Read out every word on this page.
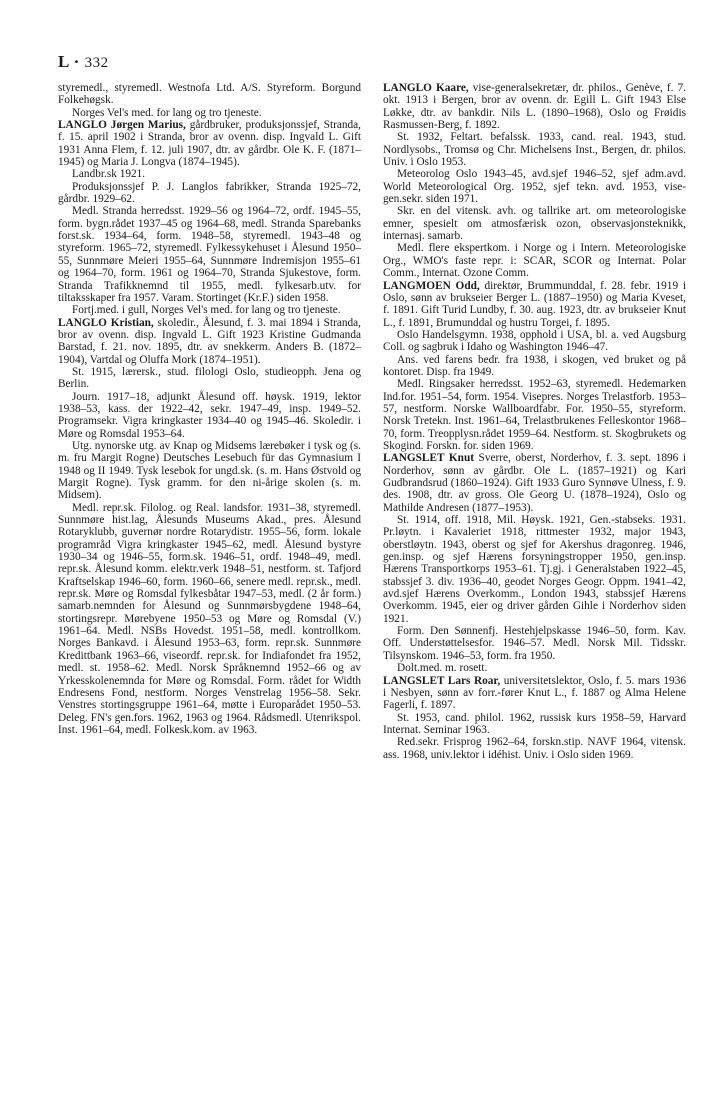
L · 332

styremedl., styremedl. Westnofa Ltd. A/S. Styreform. Borgund Folkehøgsk.

Norges Vel's med. for lang og tro tjeneste.

LANGLO Jørgen Marius, gårdbruker, produksjonssjef, Stranda, f. 15. april 1902 i Stranda, bror av ovenn. disp. Ingvald L. Gift 1931 Anna Flem, f. 12. juli 1907, dtr. av gårdbr. Ole K. F. (1871–1945) og Maria J. Longva (1874–1945).

Landbr.sk 1921.

Produksjonssjef P. J. Langlos fabrikker, Stranda 1925–72, gårdbr. 1929–62.

Medl. Stranda herredsst. 1929–56 og 1964–72, ordf. 1945–55, form. bygn.rådet 1937–45 og 1964–68, medl. Stranda Sparebanks forst.sk. 1934–64, form. 1948–58, styremedl. 1943–48 og styreform. 1965–72, styremedl. Fylkessykehuset i Ålesund 1950–55, Sunnmøre Meieri 1955–64, Sunnmøre Indremisjon 1955–61 og 1964–70, form. 1961 og 1964–70, Stranda Sjukestove, form. Stranda Trafikknemnd til 1955, medl. fylkesarb.utv. for tiltaksskaper fra 1957. Varam. Stortinget (Kr.F.) siden 1958.

Fortj.med. i gull, Norges Vel's med. for lang og tro tjeneste.

LANGLO Kristian, skoledir., Ålesund, f. 3. mai 1894 i Stranda, bror av ovenn. disp. Ingvald L. Gift 1923 Kristine Gudmanda Barstad, f. 21. nov. 1895, dtr. av snekkerm. Anders B. (1872–1904), Vartdal og Oluffa Mork (1874–1951).

St. 1915, lærersk., stud. filologi Oslo, studieopph. Jena og Berlin.

Journ. 1917–18, adjunkt Ålesund off. høysk. 1919, lektor 1938–53, kass. der 1922–42, sekr. 1947–49, insp. 1949–52. Programsekr. Vigra kringkaster 1934–40 og 1945–46. Skoledir. i Møre og Romsdal 1953–64.

Utg. nynorske utg. av Knap og Midsems lærebøker i tysk og (s. m. fru Margit Rogne) Deutsches Lesebuch für das Gymnasium I 1948 og II 1949. Tysk lesebok for ungd.sk. (s. m. Hans Østvold og Margit Rogne). Tysk gramm. for den ni-årige skolen (s. m. Midsem).

Medl. repr.sk. Filolog. og Real. landsfor. 1931–38, styremedl. Sunnmøre hist.lag, Ålesunds Museums Akad., pres. Ålesund Rotaryklubb, guvernør nordre Rotarydistr. 1955–56, form. lokale programråd Vigra kringkaster 1945–62, medl. Ålesund bystyre 1930–34 og 1946–55, form.sk. 1946–51, ordf. 1948–49, medl. repr.sk. Ålesund komm. elektr.verk 1948–51, nestform. st. Tafjord Kraftselskap 1946–60, form. 1960–66, senere medl. repr.sk., medl. repr.sk. Møre og Romsdal fylkesbåtar 1947–53, medl. (2 år form.) samarb.nemnden for Ålesund og Sunnmørsbygdene 1948–64, stortingsrepr. Mørebyene 1950–53 og Møre og Romsdal (V.) 1961–64. Medl. NSBs Hovedst. 1951–58, medl. kontrollkom. Norges Bankavd. i Ålesund 1953–63, form. repr.sk. Sunnmøre Kredittbank 1963–66, viseordf. repr.sk. for Indiafondet fra 1952, medl. st. 1958–62. Medl. Norsk Språknemnd 1952–66 og av Yrkesskolenemnda for Møre og Romsdal. Form. rådet for Width Endresens Fond, nestform. Norges Venstrelag 1956–58. Sekr. Venstres stortingsgruppe 1961–64, møtte i Europarådet 1950–53. Deleg. FN's gen.fors. 1962, 1963 og 1964. Rådsmedl. Utenrikspol. Inst. 1961–64, medl. Folkesk.kom. av 1963.

LANGLO Kaare, vise-generalsekretær, dr. philos., Genève, f. 7. okt. 1913 i Bergen, bror av ovenn. dr. Egill L. Gift 1943 Else Løkke, dtr. av bankdir. Nils L. (1890–1968), Oslo og Frøidis Rasmussen-Berg, f. 1892.

St. 1932, Feltart. befalssk. 1933, cand. real. 1943, stud. Nordlysobs., Tromsø og Chr. Michelsens Inst., Bergen, dr. philos. Univ. i Oslo 1953.

Meteorolog Oslo 1943–45, avd.sjef 1946–52, sjef adm.avd. World Meteorological Org. 1952, sjef tekn. avd. 1953, vise-gen.sekr. siden 1971.

Skr. en del vitensk. avh. og tallrike art. om meteorologiske emner, spesielt om atmosfærisk ozon, observasjonsteknikk, internasj. samarb.

Medl. flere ekspertkom. i Norge og i Intern. Meteorologiske Org., WMO's faste repr. i: SCAR, SCOR og Internat. Polar Comm., Internat. Ozone Comm.

LANGMOEN Odd, direktør, Brummunddal, f. 28. febr. 1919 i Oslo, sønn av brukseier Berger L. (1887–1950) og Maria Kveset, f. 1891. Gift Turid Lundby, f. 30. aug. 1923, dtr. av brukseier Knut L., f. 1891, Brumunddal og hustru Torgei, f. 1895.

Oslo Handelsgymn. 1938, opphold i USA, bl. a. ved Augsburg Coll. og sagbruk i Idaho og Washington 1946–47.

Ans. ved farens bedr. fra 1938, i skogen, ved bruket og på kontoret. Disp. fra 1949.

Medl. Ringsaker herredsst. 1952–63, styremedl. Hedemarken Ind.for. 1951–54, form. 1954. Visepres. Norges Trelastforb. 1953–57, nestform. Norske Wallboardfabr. For. 1950–55, styreform. Norsk Tretekn. Inst. 1961–64, Trelastbrukenes Felleskontor 1968–70, form. Treopplysn.rådet 1959–64. Nestform. st. Skogbrukets og Skogind. Forskn. for. siden 1969.

LANGSLET Knut Sverre, oberst, Norderhov, f. 3. sept. 1896 i Norderhov, sønn av gårdbr. Ole L. (1857–1921) og Kari Gudbrandsrud (1860–1924). Gift 1933 Guro Synnøve Ulness, f. 9. des. 1908, dtr. av gross. Ole Georg U. (1878–1924), Oslo og Mathilde Andresen (1877–1953).

St. 1914, off. 1918, Mil. Høysk. 1921, Gen.-stabseks. 1931. Pr.løytn. i Kavaleriet 1918, rittmester 1932, major 1943, oberstløytn. 1943, oberst og sjef for Akershus dragonreg. 1946, gen.insp. og sjef Hærens forsyningstropper 1950, gen.insp. Hærens Transportkorps 1953–61. Tj.gj. i Generalstaben 1922–45, stabssjef 3. div. 1936–40, geodet Norges Geogr. Oppm. 1941–42, avd.sjef Hærens Overkomm., London 1943, stabssjef Hærens Overkomm. 1945, eier og driver gården Gihle i Norderhov siden 1921.

Form. Den Sønnenfj. Hestehjelpskasse 1946–50, form. Kav. Off. Understøttelsesfor. 1946–57. Medl. Norsk Mil. Tidsskr. Tilsynskom. 1946–53, form. fra 1950.

Dolt.med. m. rosett.

LANGSLET Lars Roar, universitetslektor, Oslo, f. 5. mars 1936 i Nesbyen, sønn av forr.-fører Knut L., f. 1887 og Alma Helene Fagerli, f. 1897.

St. 1953, cand. philol. 1962, russisk kurs 1958–59, Harvard Internat. Seminar 1963.

Red.sekr. Frisprog 1962–64, forskn.stip. NAVF 1964, vitensk. ass. 1968, univ.lektor i idéhist. Univ. i Oslo siden 1969.
